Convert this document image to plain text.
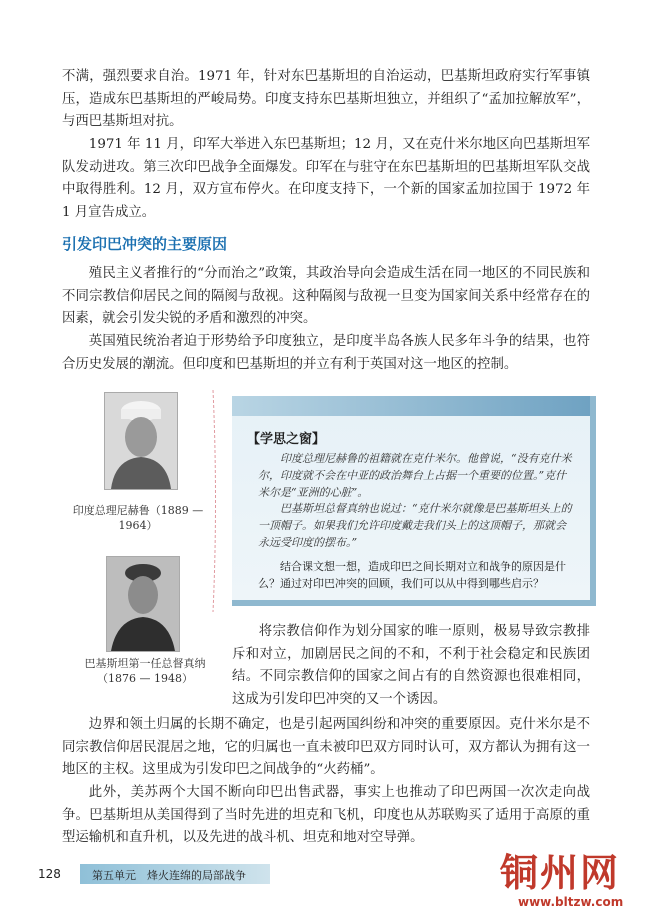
不满，强烈要求自治。1971 年，针对东巴基斯坦的自治运动，巴基斯坦政府实行军事镇压，造成东巴基斯坦的严峻局势。印度支持东巴基斯坦独立，并组织了“孟加拉解放军”，与西巴基斯坦对抗。

1971 年 11 月，印军大举进入东巴基斯坦；12 月，又在克什米尔地区向巴基斯坦军队发动进攻。第三次印巴战争全面爆发。印军在与驻守在东巴基斯坦的巴基斯坦军队交战中取得胜利。12 月，双方宣布停火。在印度支持下，一个新的国家孟加拉国于 1972 年 1 月宣告成立。

引发印巴冲突的主要原因

殖民主义者推行的“分而治之”政策，其政治导向会造成生活在同一地区的不同民族和不同宗教信仰居民之间的隔阂与敌视。这种隔阂与敌视一旦变为国家间关系中经常存在的因素，就会引发尖锐的矛盾和激烈的冲突。

英国殖民统治者迫于形势给予印度独立，是印度半岛各族人民多年斗争的结果，也符合历史发展的潮流。但印度和巴基斯坦的并立有利于英国对这一地区的控制。

印度总理尼赫鲁（1889 — 1964）

巴基斯坦第一任总督真纳
（1876 — 1948）

【学思之窗】

印度总理尼赫鲁的祖籍就在克什米尔。他曾说，“没有克什米尔，印度就不会在中亚的政治舞台上占据一个重要的位置。”克什米尔是“亚洲的心脏”。

巴基斯坦总督真纳也说过：“克什米尔就像是巴基斯坦头上的一顶帽子。如果我们允许印度戴走我们头上的这顶帽子，那就会永远受印度的摆布。”

结合课文想一想，造成印巴之间长期对立和战争的原因是什么？通过对印巴冲突的回顾，我们可以从中得到哪些启示？

将宗教信仰作为划分国家的唯一原则，极易导致宗教排斥和对立，加剧居民之间的不和，不利于社会稳定和民族团结。不同宗教信仰的国家之间占有的自然资源也很难相同，这成为引发印巴冲突的又一个诱因。

边界和领土归属的长期不确定，也是引起两国纠纷和冲突的重要原因。克什米尔是不同宗教信仰居民混居之地，它的归属也一直未被印巴双方同时认可，双方都认为拥有这一地区的主权。这里成为引发印巴之间战争的“火药桶”。

此外，美苏两个大国不断向印巴出售武器，事实上也推动了印巴两国一次次走向战争。巴基斯坦从美国得到了当时先进的坦克和飞机，印度也从苏联购买了适用于高原的重型运输机和直升机，以及先进的战斗机、坦克和地对空导弹。

128	第五单元　烽火连绵的局部战争	铜州网

www.bltzw.com
